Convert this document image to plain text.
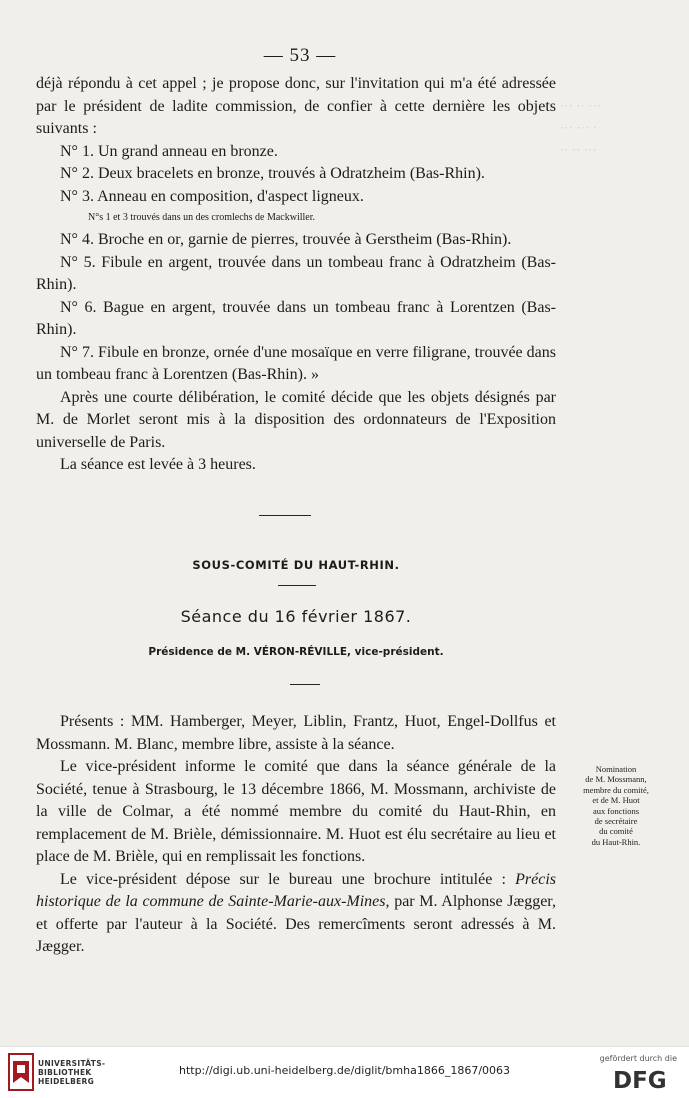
··· ·· ···
··· ··· ·
·· ·· ···
— 53 —

déjà répondu à cet appel ; je propose donc, sur l'invitation qui m'a été adressée par le président de ladite commission, de confier à cette dernière les objets suivants :

N° 1. Un grand anneau en bronze.

N° 2. Deux bracelets en bronze, trouvés à Odratzheim (Bas-Rhin).

N° 3. Anneau en composition, d'aspect ligneux.

N°s 1 et 3 trouvés dans un des cromlechs de Mackwiller.

N° 4. Broche en or, garnie de pierres, trouvée à Gerstheim (Bas-Rhin).

N° 5. Fibule en argent, trouvée dans un tombeau franc à Odratzheim (Bas-Rhin).

N° 6. Bague en argent, trouvée dans un tombeau franc à Lorentzen (Bas-Rhin).

N° 7. Fibule en bronze, ornée d'une mosaïque en verre filigrane, trouvée dans un tombeau franc à Lorentzen (Bas-Rhin). »

Après une courte délibération, le comité décide que les objets désignés par M. de Morlet seront mis à la disposition des ordonnateurs de l'Exposition universelle de Paris.

La séance est levée à 3 heures.

SOUS-COMITÉ DU HAUT-RHIN.
Séance du 16 février 1867.
Présidence de M. VÉRON-RÉVILLE, vice-président.

Présents : MM. Hamberger, Meyer, Liblin, Frantz, Huot, Engel-Dollfus et Mossmann. M. Blanc, membre libre, assiste à la séance.

Le vice-président informe le comité que dans la séance générale de la Société, tenue à Strasbourg, le 13 décembre 1866, M. Mossmann, archiviste de la ville de Colmar, a été nommé membre du comité du Haut-Rhin, en remplacement de M. Brièle, démissionnaire. M. Huot est élu secrétaire au lieu et place de M. Brièle, qui en remplissait les fonctions.

Le vice-président dépose sur le bureau une brochure intitulée : Précis historique de la commune de Sainte-Marie-aux-Mines, par M. Alphonse Jægger, et offerte par l'auteur à la Société. Des remercîments seront adressés à M. Jægger.

Nomination
de M. Mossmann,
membre du comité,
et de M. Huot
aux fonctions
de secrétaire
du comité
du Haut-Rhin.
UNIVERSITÄTS-
BIBLIOTHEK
HEIDELBERG
http://digi.ub.uni-heidelberg.de/diglit/bmha1866_1867/0063
gefördert durch die
DFG
